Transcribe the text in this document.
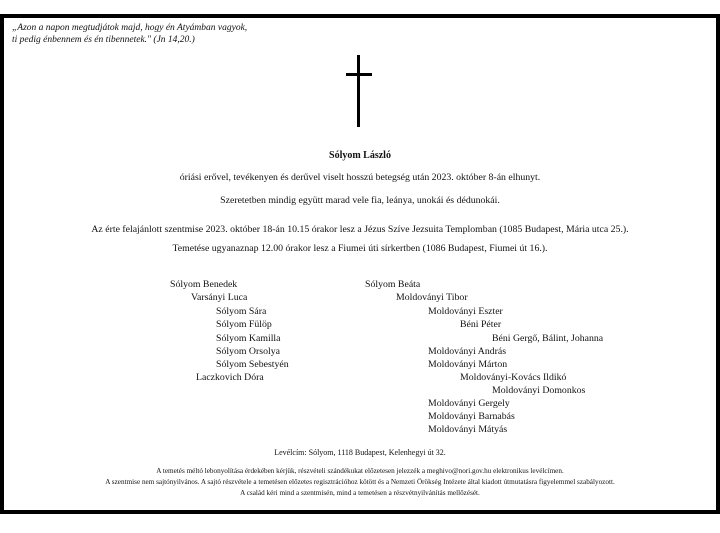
„Azon a napon megtudjátok majd, hogy én Atyámban vagyok,
ti pedig énbennem és én tibennetek." (Jn 14,20.)
Sólyom László
óriási erővel, tevékenyen és derűvel viselt hosszú betegség után 2023. október 8-án elhunyt.
Szeretetben mindig együtt marad vele fia, leánya, unokái és dédunokái.
Az érte felajánlott szentmise 2023. október 18-án 10.15 órakor lesz a Jézus Szíve Jezsuita Templomban (1085 Budapest, Mária utca 25.).
Temetése ugyanaznap 12.00 órakor lesz a Fiumei úti sírkertben (1086 Budapest, Fiumei út 16.).
Sólyom Benedek
Varsányi Luca
Sólyom Sára
Sólyom Fülöp
Sólyom Kamilla
Sólyom Orsolya
Sólyom Sebestyén
Laczkovich Dóra
Sólyom Beáta
Moldoványi Tibor
Moldoványi Eszter
Béni Péter
Béni Gergő, Bálint, Johanna
Moldoványi András
Moldoványi Márton
Moldoványi-Kovács Ildikó
Moldoványi Domonkos
Moldoványi Gergely
Moldoványi Barnabás
Moldoványi Mátyás
Levélcím: Sólyom, 1118 Budapest, Kelenhegyi út 32.
A temetés méltó lebonyolítása érdekében kérjük, részvételi szándékukat előzetesen jelezzék a meghivo@nori.gov.hu elektronikus levélcímen.
A szentmise nem sajtónyilvános. A sajtó részvétele a temetésen előzetes regisztrációhoz kötött és a Nemzeti Örökség Intézete által kiadott útmutatásra figyelemmel szabályozott.
A család kéri mind a szentmisén, mind a temetésen a részvétnyilvánítás mellőzését.
